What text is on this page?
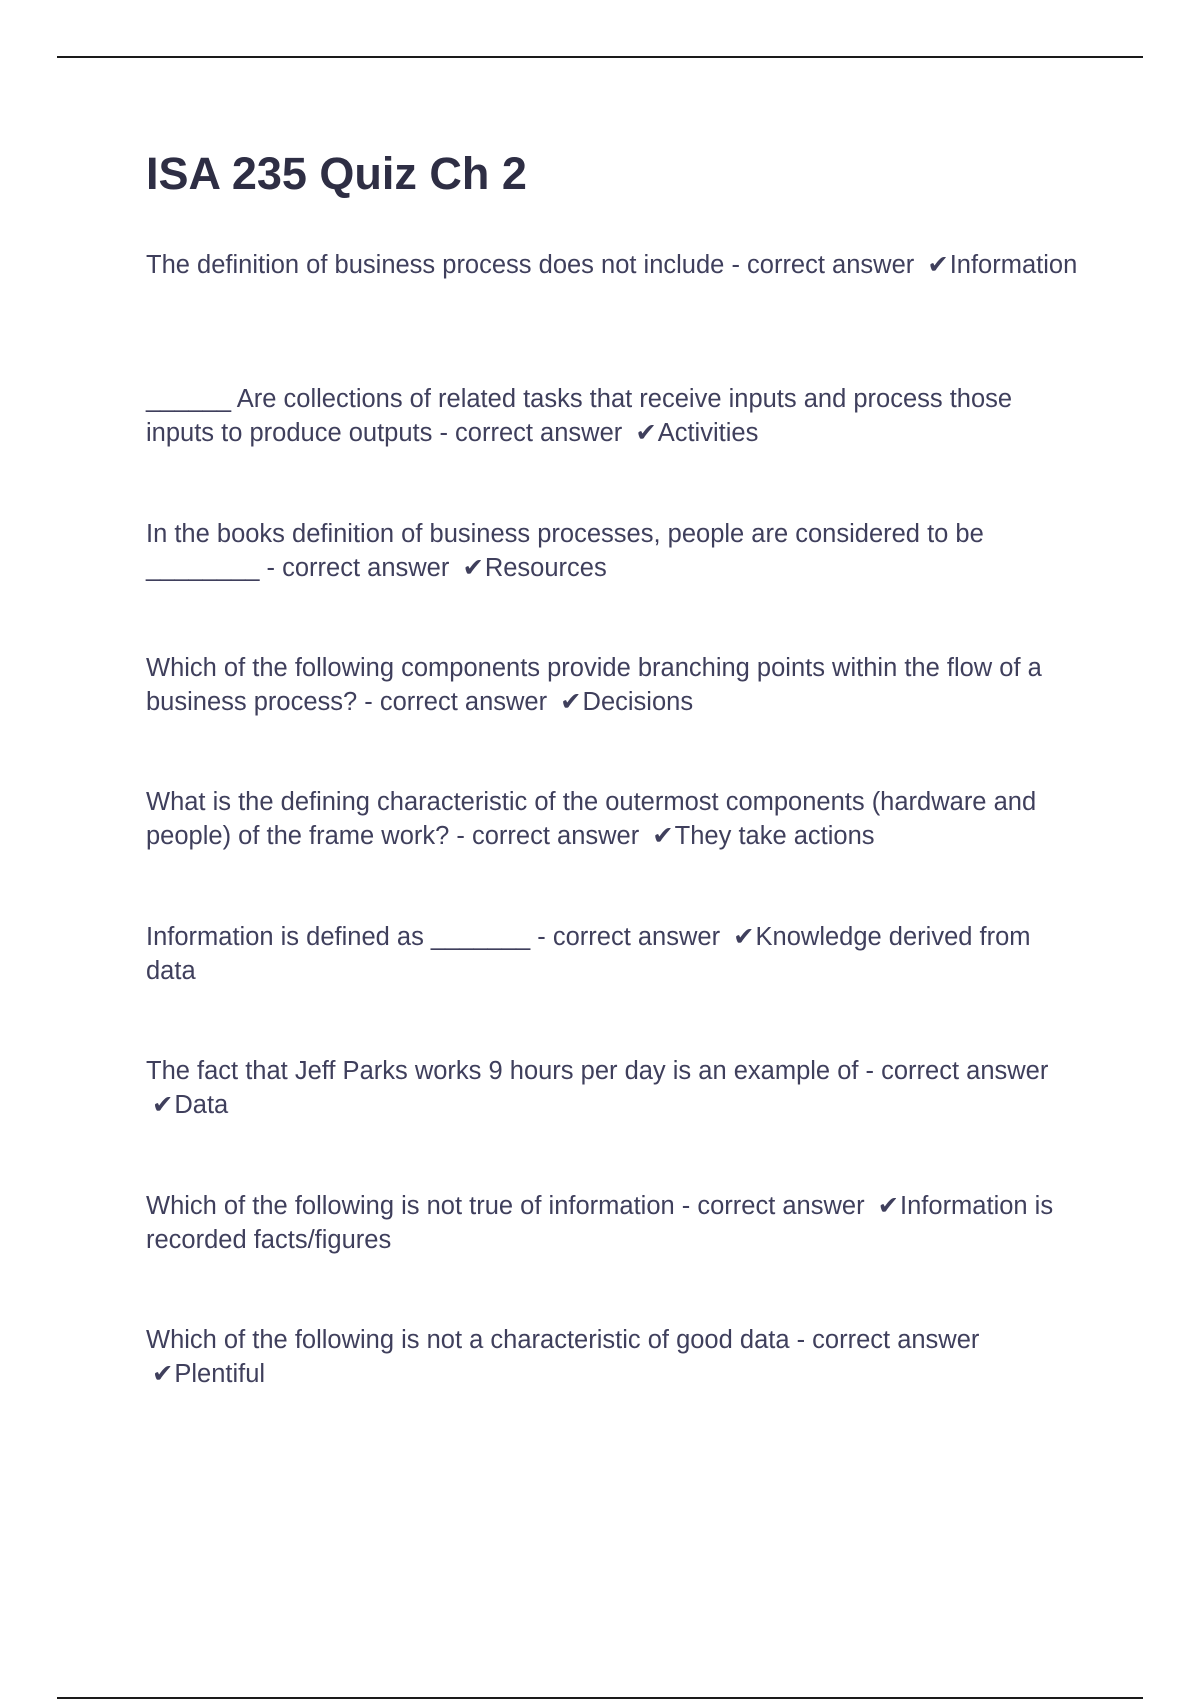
ISA 235 Quiz Ch 2
The definition of business process does not include - correct answer ✔Information
______ Are collections of related tasks that receive inputs and process those inputs to produce outputs - correct answer ✔Activities
In the books definition of business processes, people are considered to be ________ - correct answer ✔Resources
Which of the following components provide branching points within the flow of a business process? - correct answer ✔Decisions
What is the defining characteristic of the outermost components (hardware and people) of the frame work? - correct answer ✔They take actions
Information is defined as _______ - correct answer ✔Knowledge derived from data
The fact that Jeff Parks works 9 hours per day is an example of - correct answer ✔Data
Which of the following is not true of information - correct answer ✔Information is recorded facts/figures
Which of the following is not a characteristic of good data - correct answer ✔Plentiful
